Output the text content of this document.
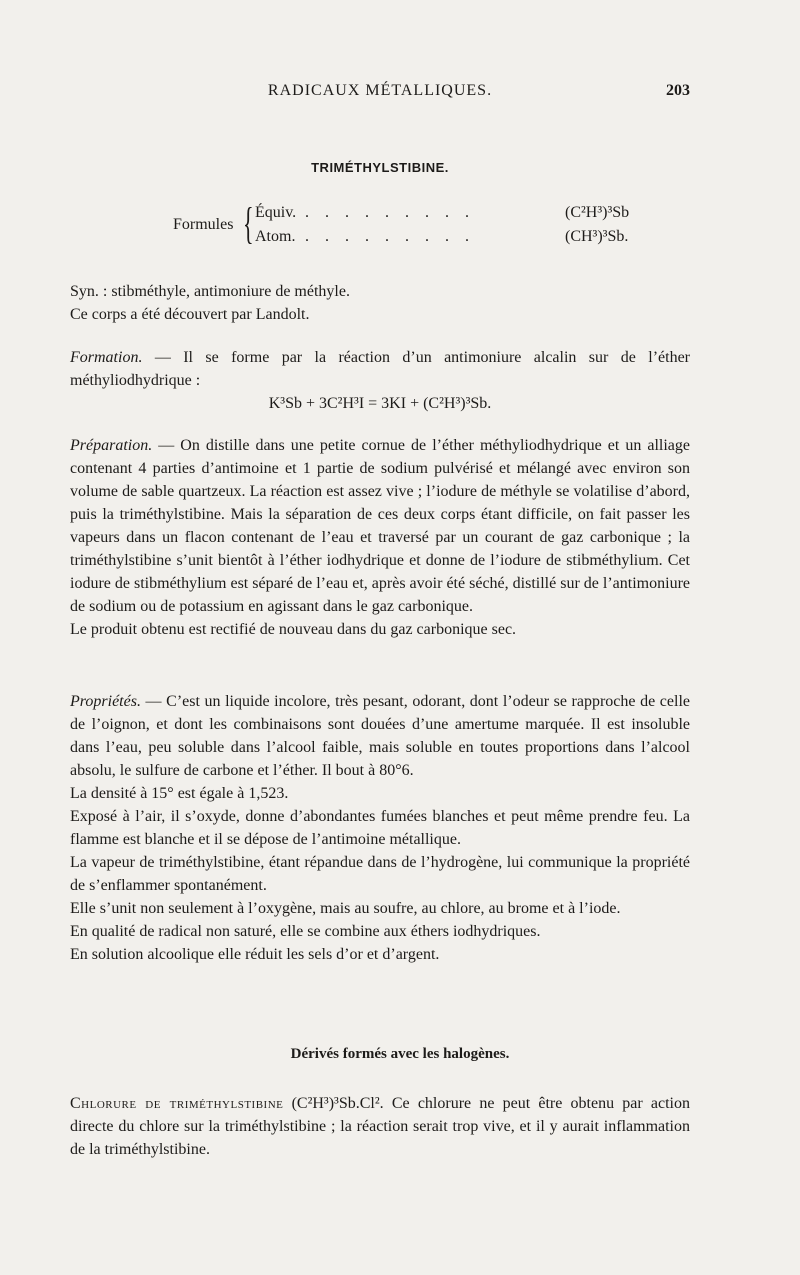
RADICAUX MÉTALLIQUES.	203
TRIMÉTHYLSTIBINE.
Formules { Équiv. . . . . . . . . .	(C²H³)³Sb
Atom. . . . . . . . . .	(CH³)³Sb.

Syn. : stibméthyle, antimoniure de méthyle.

Ce corps a été découvert par Landolt.

Formation. — Il se forme par la réaction d’un antimoniure alcalin sur de l’éther méthyliodhydrique :

K³Sb + 3C²H³I = 3KI + (C²H³)³Sb.

Préparation. — On distille dans une petite cornue de l’éther méthyliodhydrique et un alliage contenant 4 parties d’antimoine et 1 partie de sodium pulvérisé et mélangé avec environ son volume de sable quartzeux. La réaction est assez vive ; l’iodure de méthyle se volatilise d’abord, puis la triméthylstibine. Mais la séparation de ces deux corps étant difficile, on fait passer les vapeurs dans un flacon contenant de l’eau et traversé par un courant de gaz carbonique ; la triméthylstibine s’unit bientôt à l’éther iodhydrique et donne de l’iodure de stibméthylium. Cet iodure de stibméthylium est séparé de l’eau et, après avoir été séché, distillé sur de l’antimoniure de sodium ou de potassium en agissant dans le gaz carbonique.

Le produit obtenu est rectifié de nouveau dans du gaz carbonique sec.

Propriétés. — C’est un liquide incolore, très pesant, odorant, dont l’odeur se rapproche de celle de l’oignon, et dont les combinaisons sont douées d’une amertume marquée. Il est insoluble dans l’eau, peu soluble dans l’alcool faible, mais soluble en toutes proportions dans l’alcool absolu, le sulfure de carbone et l’éther. Il bout à 80°6.

La densité à 15° est égale à 1,523.

Exposé à l’air, il s’oxyde, donne d’abondantes fumées blanches et peut même prendre feu. La flamme est blanche et il se dépose de l’antimoine métallique.

La vapeur de triméthylstibine, étant répandue dans de l’hydrogène, lui communique la propriété de s’enflammer spontanément.

Elle s’unit non seulement à l’oxygène, mais au soufre, au chlore, au brome et à l’iode.

En qualité de radical non saturé, elle se combine aux éthers iodhydriques.

En solution alcoolique elle réduit les sels d’or et d’argent.

Dérivés formés avec les halogènes.

Chlorure de triméthylstibine (C²H³)³Sb.Cl². Ce chlorure ne peut être obtenu par action directe du chlore sur la triméthylstibine ; la réaction serait trop vive, et il y aurait inflammation de la triméthylstibine.
